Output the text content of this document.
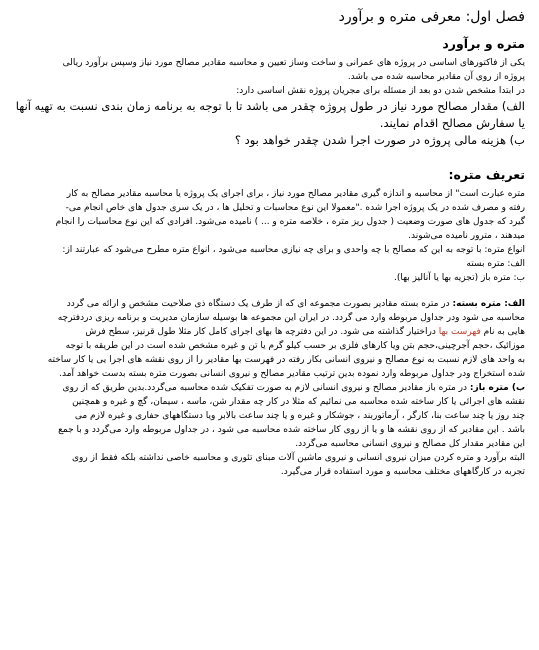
فصل اول: معرفی متره و برآورد
متره و برآورد

یکی از فاکتورهای اساسی در پروژه های عمرانی و ساخت وساز تعیین و محاسبه مقادیر مصالح مورد نیاز وسپس برآورد ریالی

پروژه از روی آن مقادیر محاسبه شده می باشد.

در ابتدا مشخص شدن دو بعد از مسئله برای مجریان پروژه نقش اساسی دارد:

الف) مقدار مصالح مورد نیاز در طول پروژه چقدر می باشد تا با توجه به برنامه زمان بندی نسبت به تهیه آنها

یا سفارش مصالح اقدام نمایند.

ب) هزینه مالی پروژه در صورت اجرا شدن چقدر خواهد بود ؟

تعریف متره:

متره عبارت است" از محاسبه و اندازه گیری مقادیر مصالح مورد نیاز ، برای اجرای یک پروژه یا محاسبه مقادیر مصالح به کار

رفته و مصرف شده در یک پروژه اجرا شده ."معمولا این نوع محاسبات و تحلیل ها ، در یک سری جدول های خاص انجام می-

گیرد که جدول های صورت وضعیت ( جدول ریز متره ، خلاصه متره و ... ) نامیده می‌شود. افرادی که این نوع محاسبات را انجام

میدهند ، مترور نامیده می‌شوند.

انواع متره: با توجه به این که مصالح با چه واحدی و برای چه نیازی محاسبه می‌شود ، انواع متره مطرح می‌شود که عبارتند از:

الف: متره بسته

ب: متره باز (تجزیه بها یا آنالیز بها).

الف: متره بسته: در متره بسته مقادیر بصورت مجموعه ای که از طرف یک دستگاه ذی صلاحیت مشخص و ارائه می گردد

محاسبه می شود ودر جداول مربوطه وارد می گردد. در ایران این مجموعه ها بوسیله سازمان مدیریت و برنامه ریزی دردفترچه

هایی به نام فهرست بها دراختیار گذاشته می شود. در این دفترچه ها بهای اجرای کامل کار مثلا طول قرنیز، سطح فرش

موزائیک ،حجم آجرچینی،حجم بتن ویا کارهای فلزی بر حسب کیلو گرم یا تن و غیره مشخص شده است در این طریقه با توجه

به واحد های لازم نسبت به نوع مصالح و نیروی انسانی بکار رفته در فهرست بها مقادیر را از روی نقشه های اجرا یی یا کار ساخته

شده استخراج ودر جداول مربوطه وارد نموده بدین ترتیب مقادیر مصالح و نیروی انسانی بصورت متره بسته بدست خواهد آمد.

ب) متره باز: در متره باز مقادیر مصالح و نیروی انسانی لازم به صورت تفکیک شده محاسبه می‌گردد.بدین طریق که از روی

نقشه های اجرائی یا کار ساخته شده محاسبه می نمائیم که مثلا در کار چه مقدار شن، ماسه ، سیمان، گچ و غیره و همچنین

چند روز یا چند ساعت بنا، کارگر ، آرماتوربند ، جوشکار و غیره و یا چند ساعت بالابر ویا دستگاههای حفاری و غیره لازم می

باشد . این مقادیر که از روی نقشه ها و یا از روی کار ساخته شده محاسبه می شود ، در جداول مربوطه وارد می‌گردد و با جمع

این مقادیر مقدار کل مصالح و نیروی انسانی محاسبه می‌گردد.

البته برآورد و متره کردن میزان نیروی انسانی و نیروی ماشین آلات مبنای تئوری و محاسبه خاصی نداشته بلکه فقط از روی

تجربه در کارگاههای مختلف محاسبه و مورد استفاده قرار می‌گیرد.
